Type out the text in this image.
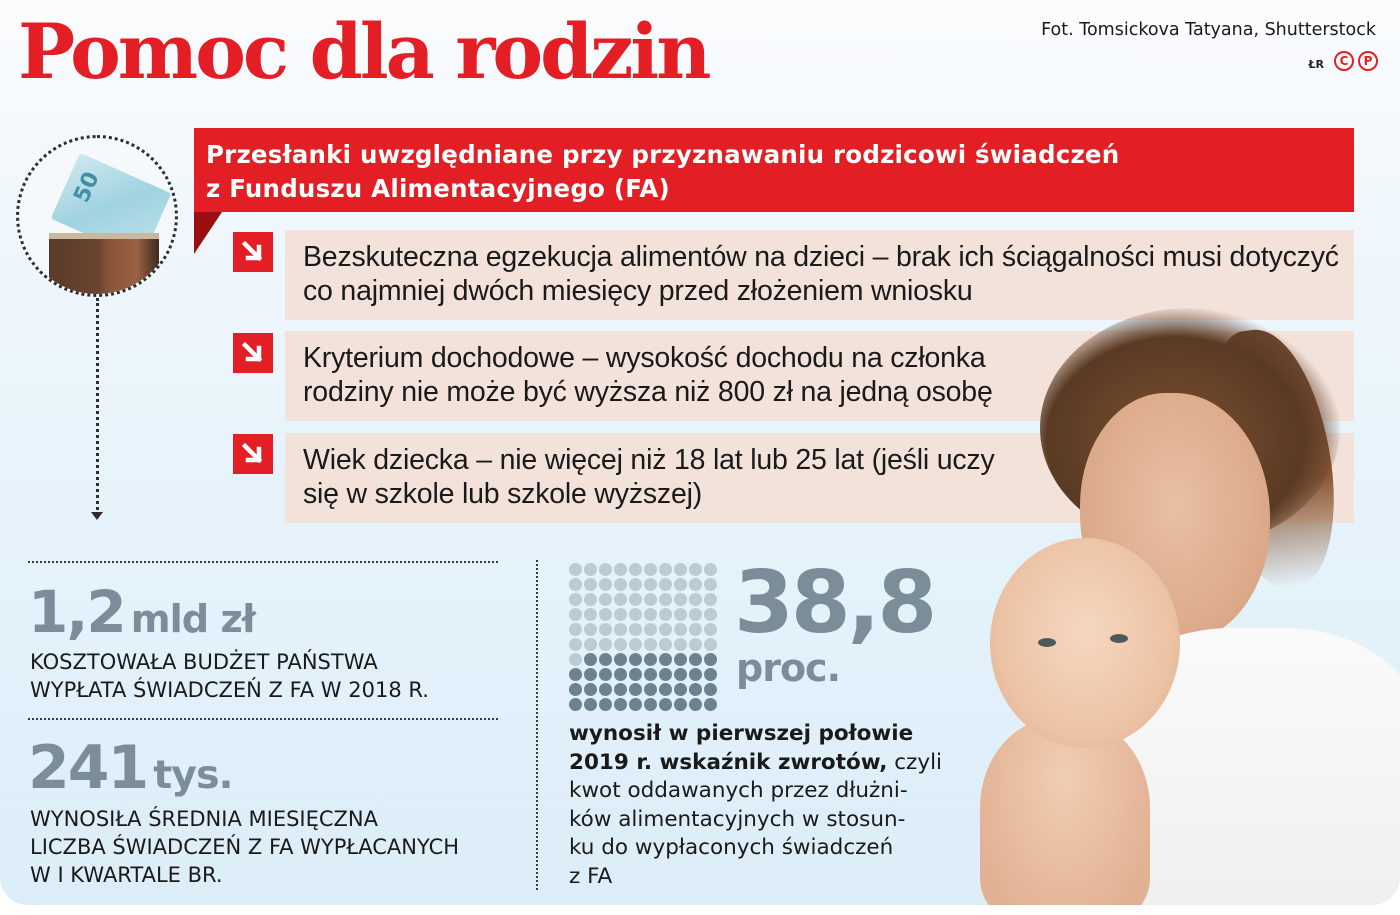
Pomoc dla rodzin	Fot. Tomsickova Tatyana, Shutterstock
ŁR	C	P
50
Przesłanki uwzględniane przy przyznawaniu rodzicowi świadczeń
z Funduszu Alimentacyjnego (FA)
Bezskuteczna egzekucja alimentów na dzieci – brak ich ściągalności musi dotyczyć
co najmniej dwóch miesięcy przed złożeniem wniosku
Kryterium dochodowe – wysokość dochodu na członka
rodziny nie może być wyższa niż 800 zł na jedną osobę
Wiek dziecka – nie więcej niż 18 lat lub 25 lat (jeśli uczy
się w szkole lub szkole wyższej)
1,2 mld zł
KOSZTOWAŁA BUDŻET PAŃSTWA
WYPŁATA ŚWIADCZEŃ Z FA W 2018 R.
241 tys.
WYNOSIŁA ŚREDNIA MIESIĘCZNA
LICZBA ŚWIADCZEŃ Z FA WYPŁACANYCH
W I KWARTALE BR.
38,8
proc.
wynosił w pierwszej połowie
2019 r. wskaźnik zwrotów, czyli
kwot oddawanych przez dłużni-
ków alimentacyjnych w stosun-
ku do wypłaconych świadczeń
z FA
